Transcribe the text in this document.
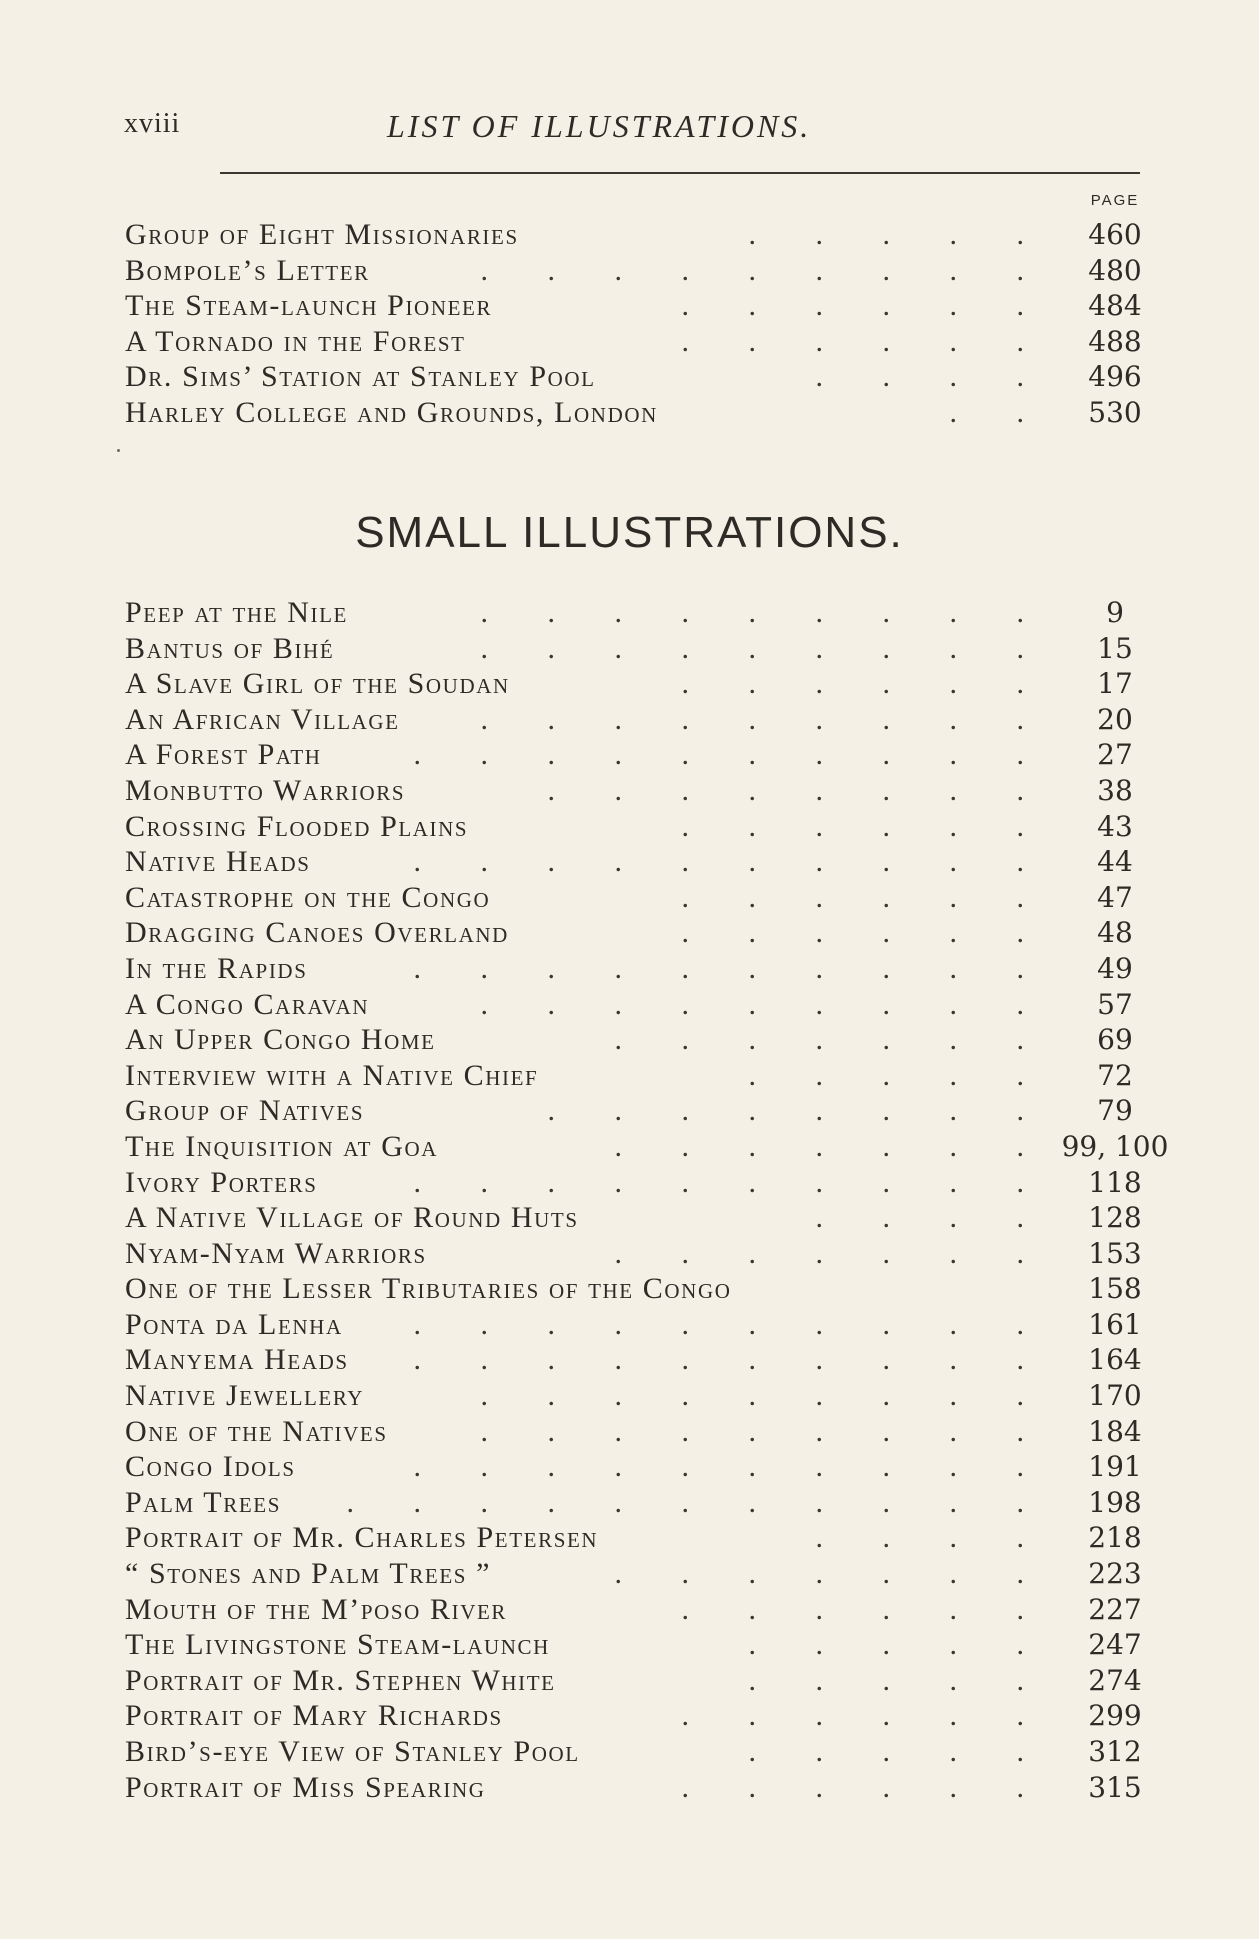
xviii	LIST OF ILLUSTRATIONS.
PAGE
Group of Eight Missionaries	. . . . .	460
Bompole’s Letter	. . . . . . . . .	480
The Steam-launch Pioneer	. . . . . .	484
A Tornado in the Forest	. . . . . .	488
Dr. Sims’ Station at Stanley Pool	. . . .	496
Harley College and Grounds, London	. .	530
SMALL ILLUSTRATIONS.
Peep at the Nile	. . . . . . . . .	9
Bantus of Bihé	. . . . . . . . .	15
A Slave Girl of the Soudan	. . . . . .	17
An African Village	. . . . . . . . .	20
A Forest Path	. . . . . . . . . .	27
Monbutto Warriors	. . . . . . . .	38
Crossing Flooded Plains	. . . . . .	43
Native Heads	. . . . . . . . . .	44
Catastrophe on the Congo	. . . . . .	47
Dragging Canoes Overland	. . . . . .	48
In the Rapids	. . . . . . . . . .	49
A Congo Caravan	. . . . . . . . .	57
An Upper Congo Home	. . . . . . .	69
Interview with a Native Chief	. . . . .	72
Group of Natives	. . . . . . . .	79
The Inquisition at Goa	. . . . . . . 99, 100
Ivory Porters	. . . . . . . . . .	118
A Native Village of Round Huts	. . . .	128
Nyam-Nyam Warriors	. . . . . . .	153
One of the Lesser Tributaries of the Congo	158
Ponta da Lenha . . . . . . . . . .	161
Manyema Heads . . . . . . . . . .	164
Native Jewellery	. . . . . . . . .	170
One of the Natives	. . . . . . . . .	184
Congo Idols	. . . . . . . . . .	191
Palm Trees . . . . . . . . . . .	198
Portrait of Mr. Charles Petersen	. . . .	218
“ Stones and Palm Trees ”	. . . . . . .	223
Mouth of the M’poso River	. . . . . .	227
The Livingstone Steam-launch	. . . . .	247
Portrait of Mr. Stephen White	. . . . .	274
Portrait of Mary Richards	. . . . . .	299
Bird’s-eye View of Stanley Pool	. . . . .	312
Portrait of Miss Spearing	. . . . . .	315
